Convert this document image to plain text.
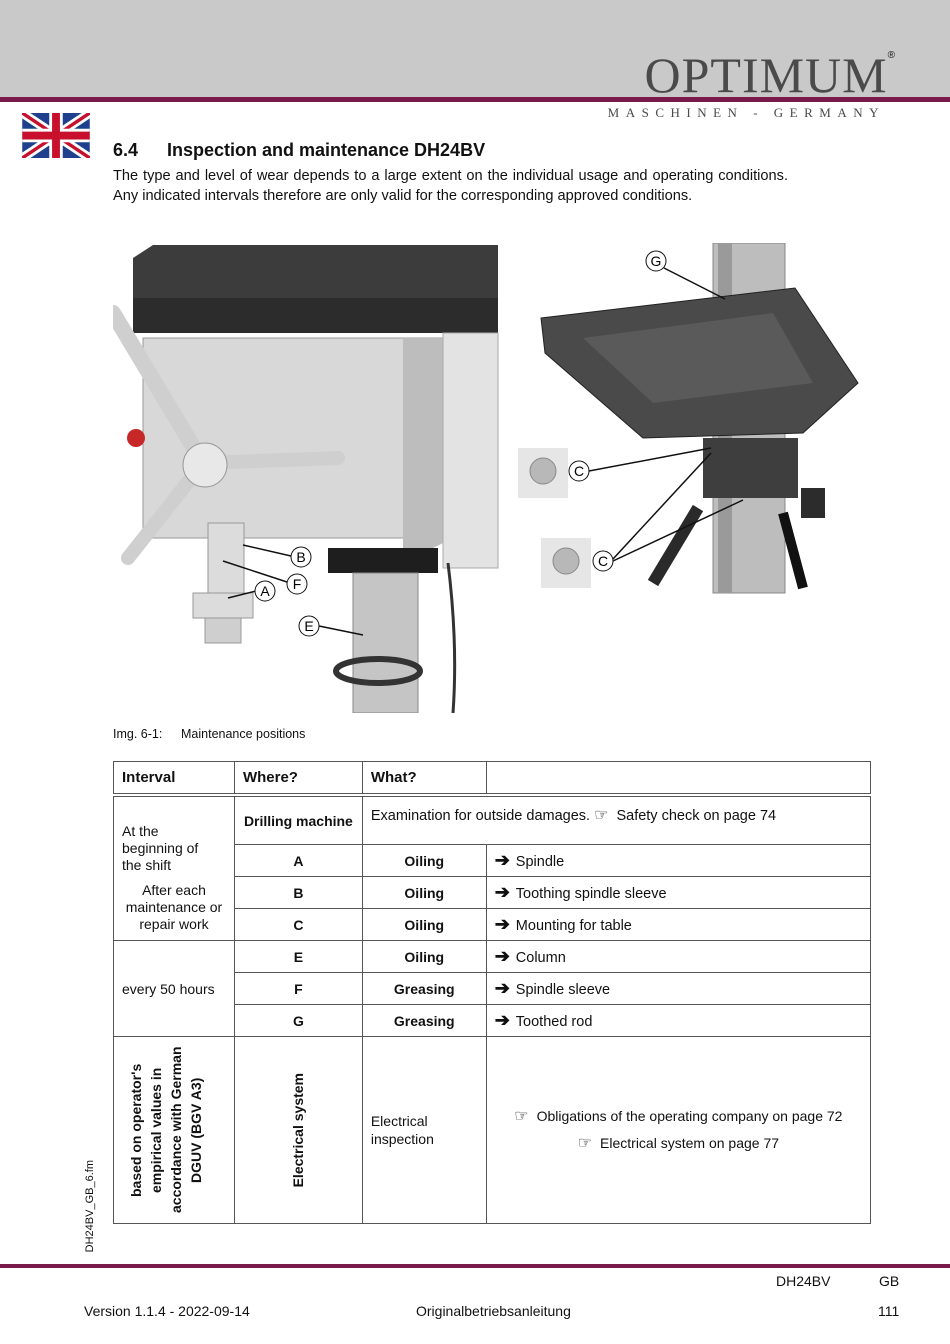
OPTIMUM®
MASCHINEN - GERMANY
6.4 Inspection and maintenance DH24BV
The type and level of wear depends to a large extent on the individual usage and operating conditions. Any indicated intervals therefore are only valid for the corresponding approved conditions.
B
F
A
E
G
C
C
Img. 6-1: Maintenance positions
Interval	Where?	What?	

At the beginning of the shift
After each maintenance or repair work	Drilling machine	Examination for outside damages. ☞ Safety check on page 74	
	A	Oiling	➔ Spindle
	B	Oiling	➔ Toothing spindle sleeve
	C	Oiling	➔ Mounting for table
every 50 hours	E	Oiling	➔ Column
	F	Greasing	➔ Spindle sleeve
	G	Greasing	➔ Toothed rod

based on operator's empirical values in accordance with German DGUV (BGV A3)	Electrical system	Electrical inspection	☞ Obligations of the operating company on page 72
☞ Electrical system on page 77
DH24BV_GB_6.fm
DH24BV	GB
Version 1.1.4 - 2022-09-14	Originalbetriebsanleitung	111
